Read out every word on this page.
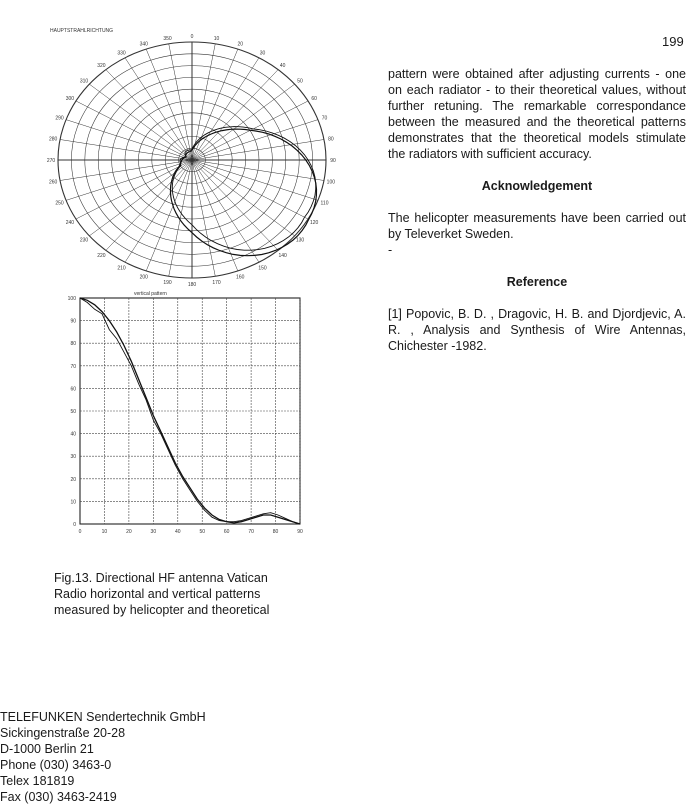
199
HAUPTSTRAHLRICHTUNG
0	10
20
30
40
50
60
70
80
90
100
110
120
130
140
150
160
170
180
190
200
210
220
230
240
250
260
270
280
290
300
310
320
330
340
350
vertical pattern
100
90
80
70
60
50
40
30
20
10
0
0	10	20	30	40	50	60	70	80	90

Fig.13. Directional HF antenna Vatican

Radio horizontal and vertical patterns

measured by helicopter and theoretical

pattern were obtained after adjusting currents - one on each radiator - to their theoretical values, without further retuning. The remarkable correspondance between the measured and the theoretical patterns demonstrates that the theoretical models stimulate the radiators with sufficient accuracy.

Acknowledgement

The helicopter measurements have been carried out by Televerket Sweden.

-

Reference

[1] Popovic, B. D. , Dragovic, H. B. and Djordjevic, A. R. , Analysis and Synthesis of Wire Antennas, Chichester -1982.

TELEFUNKEN Sendertechnik GmbH
Sickingenstraße 20-28
D-1000 Berlin 21
Phone (030) 3463-0
Telex 181819
Fax (030) 3463-2419
